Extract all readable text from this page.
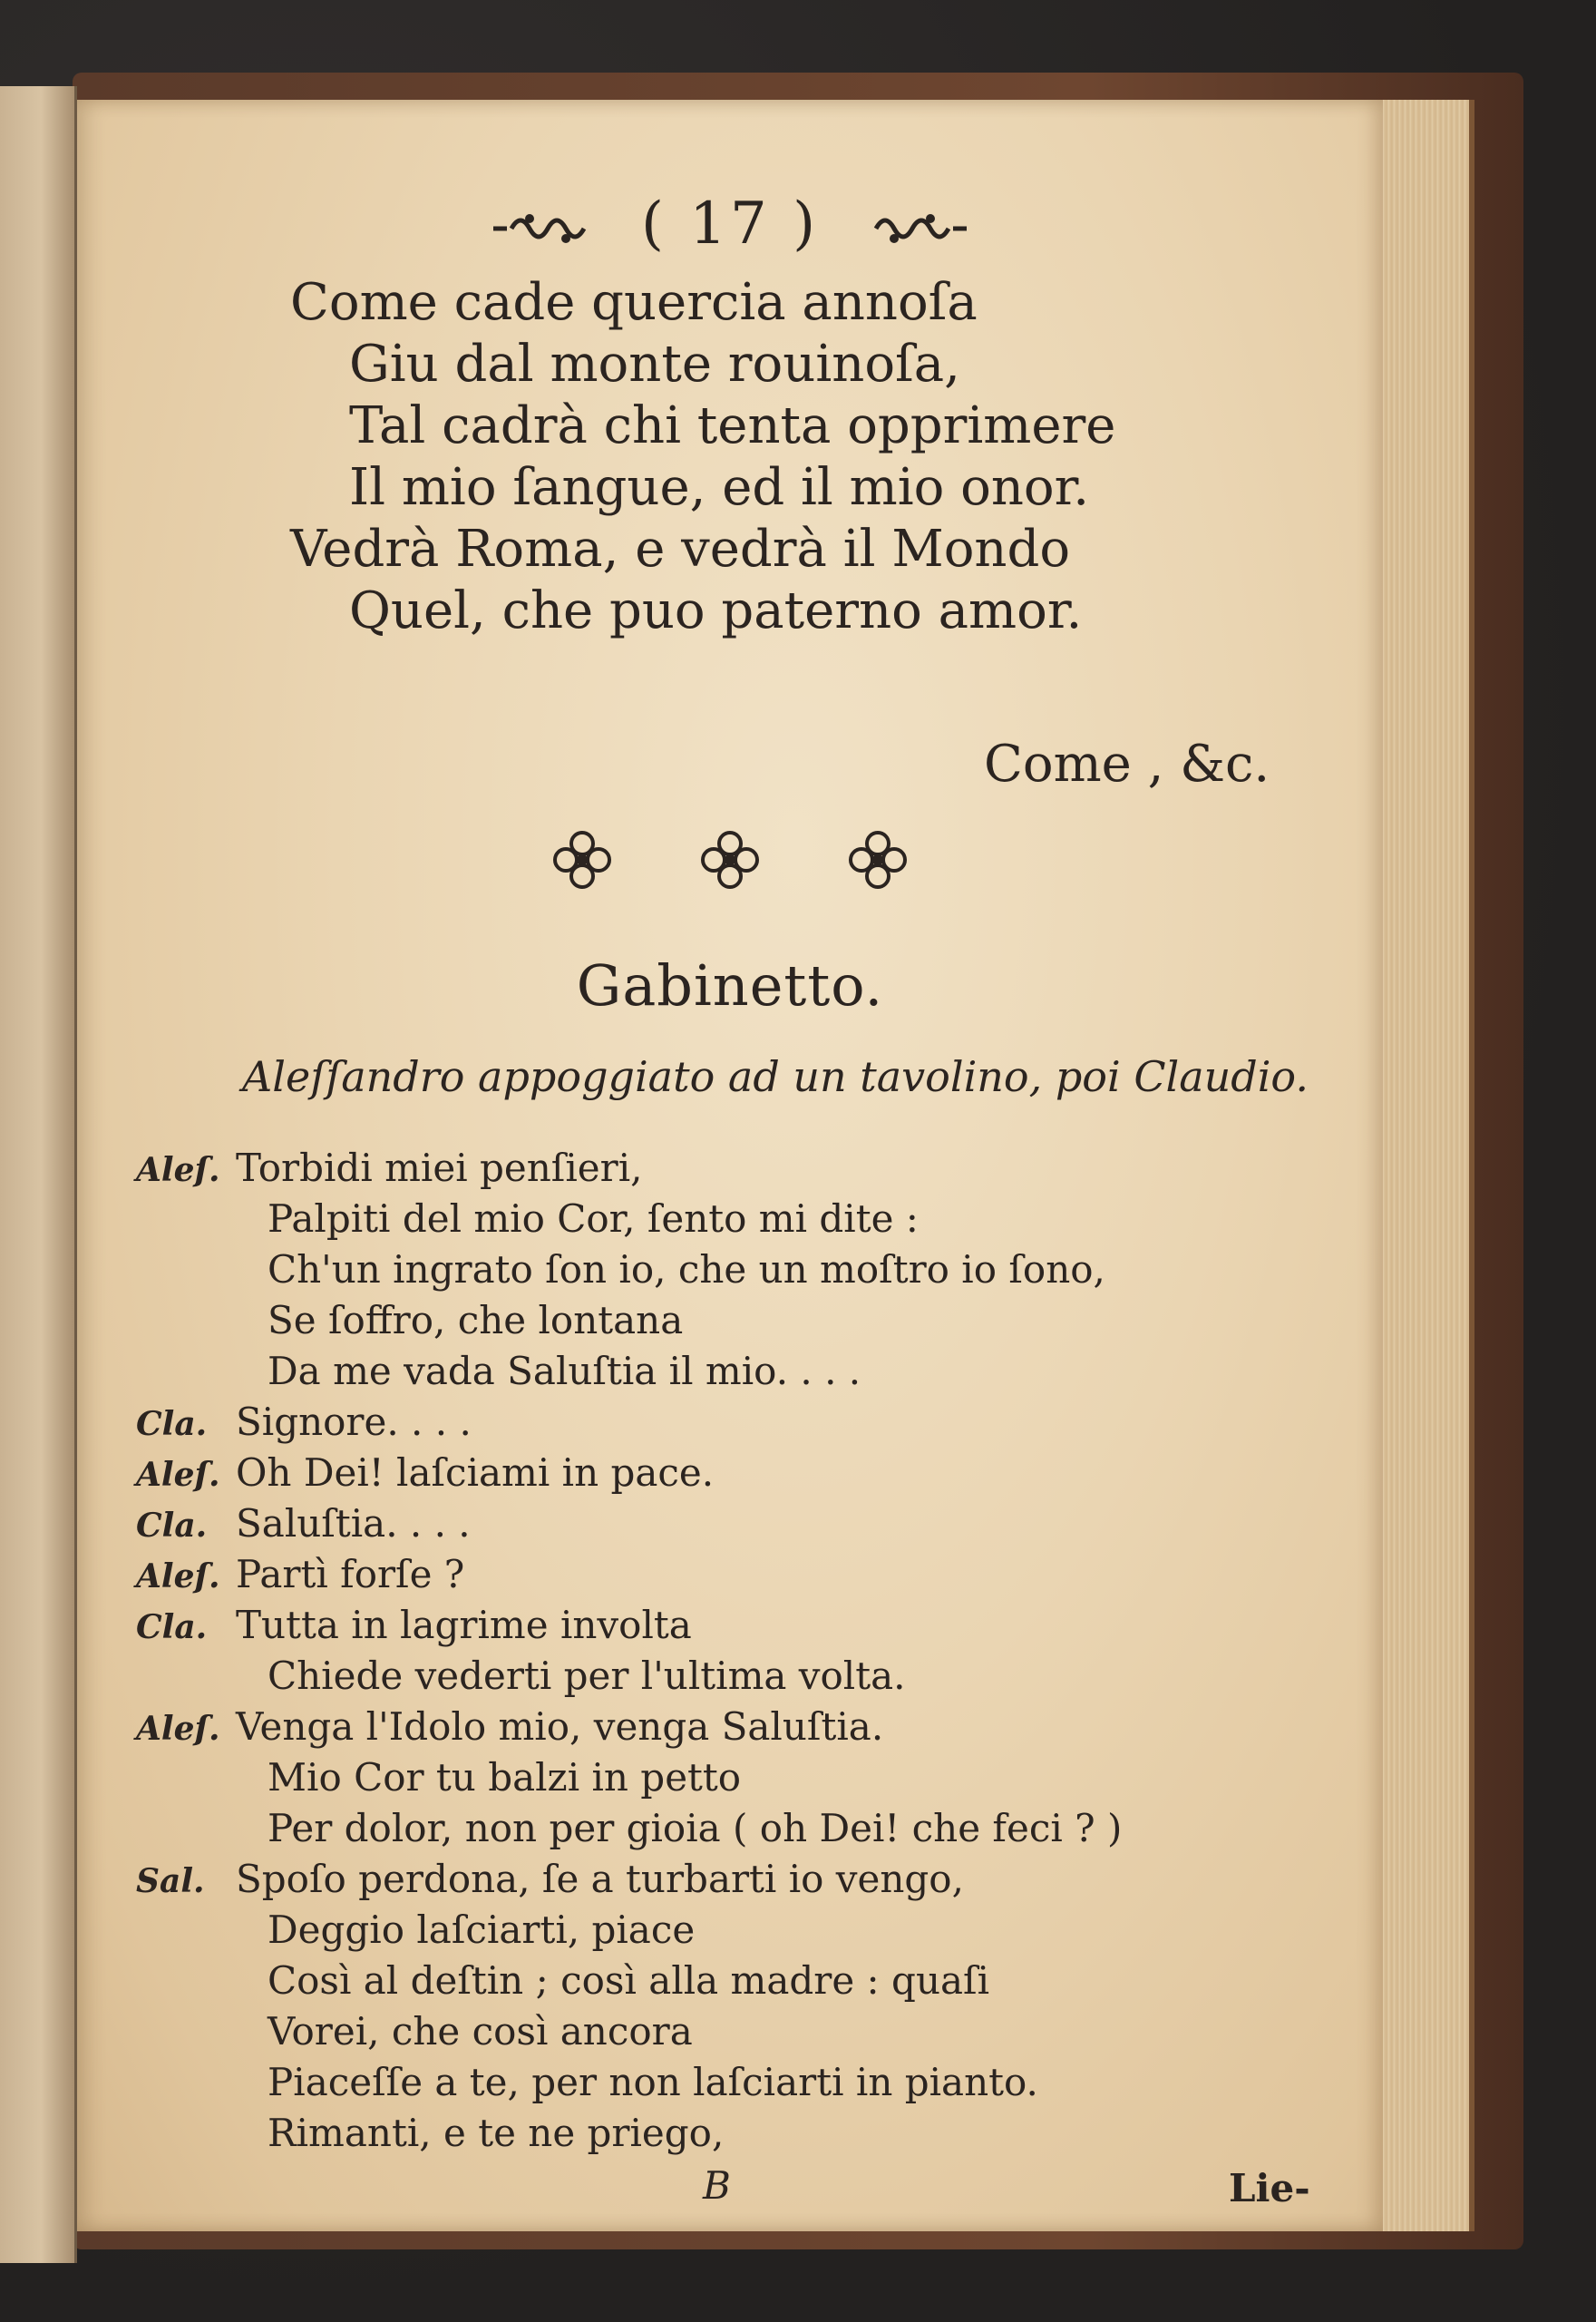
( 17 )
Come cade quercia annoſa
Giu dal monte rouinoſa,
Tal cadrà chi tenta opprimere
Il mio ſangue, ed il mio onor.
Vedrà Roma, e vedrà il Mondo
Quel, che puo paterno amor.
Come , &c.

Gabinetto.
Aleſſandro appoggiato ad un tavolino, poi Claudio.
Aleſ. Torbidi miei penſieri,
Palpiti del mio Cor, ſento mi dite :
Ch'un ingrato ſon io, che un moſtro io ſono,
Se ſoffro, che lontana
Da me vada Saluſtia il mio. . . .
Cla. Signore. . . .
Aleſ. Oh Dei! laſciami in pace.
Cla. Saluſtia. . . .
Aleſ. Partì forſe ?
Cla. Tutta in lagrime involta
Chiede vederti per l'ultima volta.
Aleſ. Venga l'Idolo mio, venga Saluſtia.
Mio Cor tu balzi in petto
Per dolor, non per gioia ( oh Dei! che feci ? )
Sal. Spoſo perdona, ſe a turbarti io vengo,
Deggio laſciarti, piace
Così al deſtin ; così alla madre : quaſi
Vorei, che così ancora
Piaceſſe a te, per non laſciarti in pianto.
Rimanti, e te ne priego,
B	Lie-
